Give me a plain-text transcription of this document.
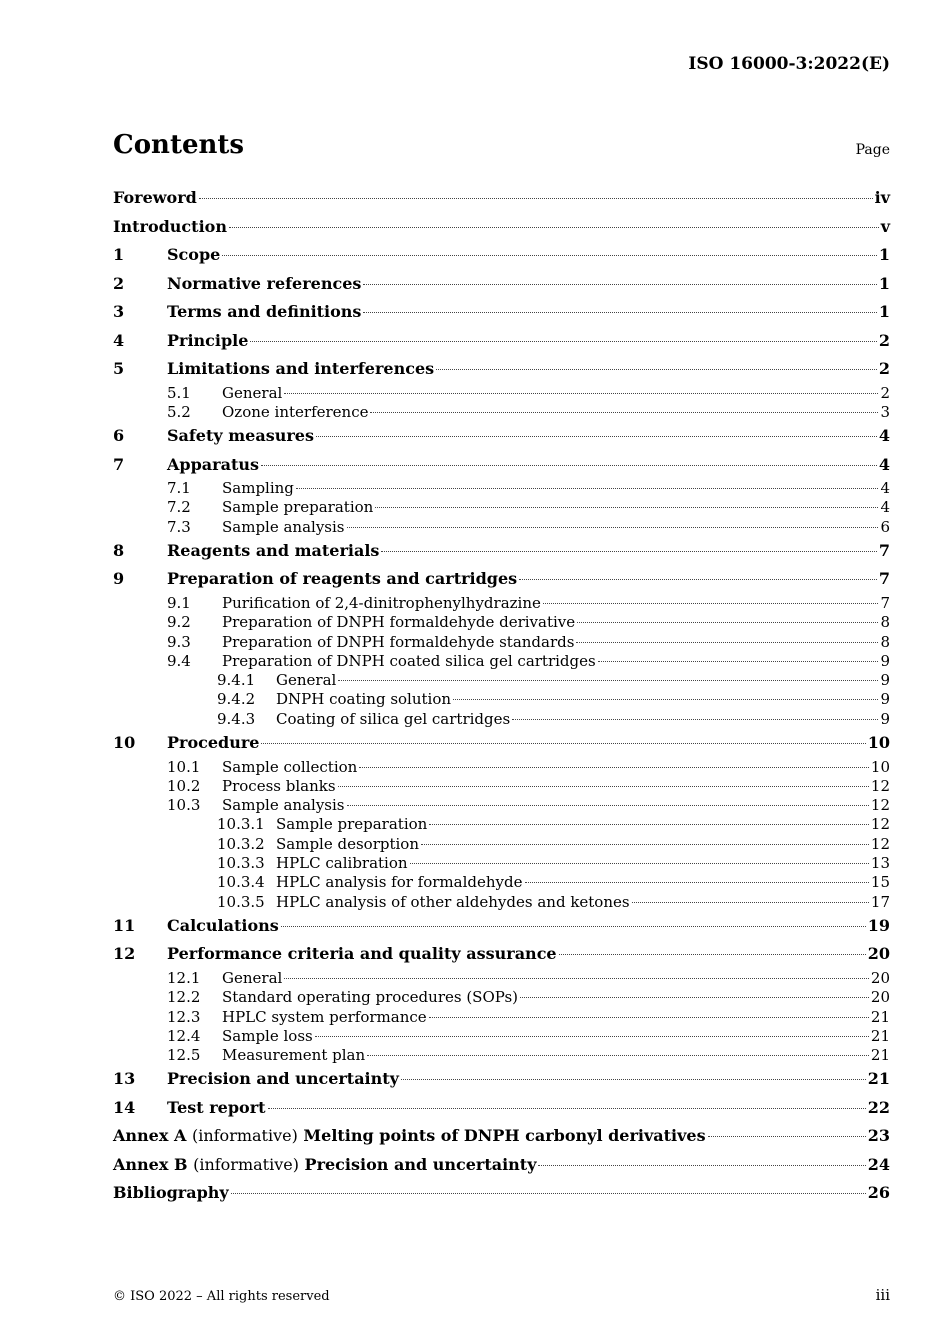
ISO 16000-3:2022(E)
Contents	Page
Foreword	iv
Introduction	v
1	Scope	1
2	Normative references	1
3	Terms and definitions	1
4	Principle	2
5	Limitations and interferences	2
5.1	General	2
5.2	Ozone interference	3
6	Safety measures	4
7	Apparatus	4
7.1	Sampling	4
7.2	Sample preparation	4
7.3	Sample analysis	6
8	Reagents and materials	7
9	Preparation of reagents and cartridges	7
9.1	Purification of 2,4-dinitrophenylhydrazine	7
9.2	Preparation of DNPH formaldehyde derivative	8
9.3	Preparation of DNPH formaldehyde standards	8
9.4	Preparation of DNPH coated silica gel cartridges	9
9.4.1	General	9
9.4.2	DNPH coating solution	9
9.4.3	Coating of silica gel cartridges	9
10	Procedure	10
10.1	Sample collection	10
10.2	Process blanks	12
10.3	Sample analysis	12
10.3.1 Sample preparation	12
10.3.2 Sample desorption	12
10.3.3 HPLC calibration	13
10.3.4 HPLC analysis for formaldehyde	15
10.3.5 HPLC analysis of other aldehydes and ketones	17
11	Calculations	19
12	Performance criteria and quality assurance	20
12.1	General	20
12.2	Standard operating procedures (SOPs)	20
12.3	HPLC system performance	21
12.4	Sample loss	21
12.5	Measurement plan	21
13	Precision and uncertainty	21
14	Test report	22
Annex A (informative) Melting points of DNPH carbonyl derivatives	23
Annex B (informative) Precision and uncertainty	24
Bibliography	26
© ISO 2022 – All rights reserved	iii
